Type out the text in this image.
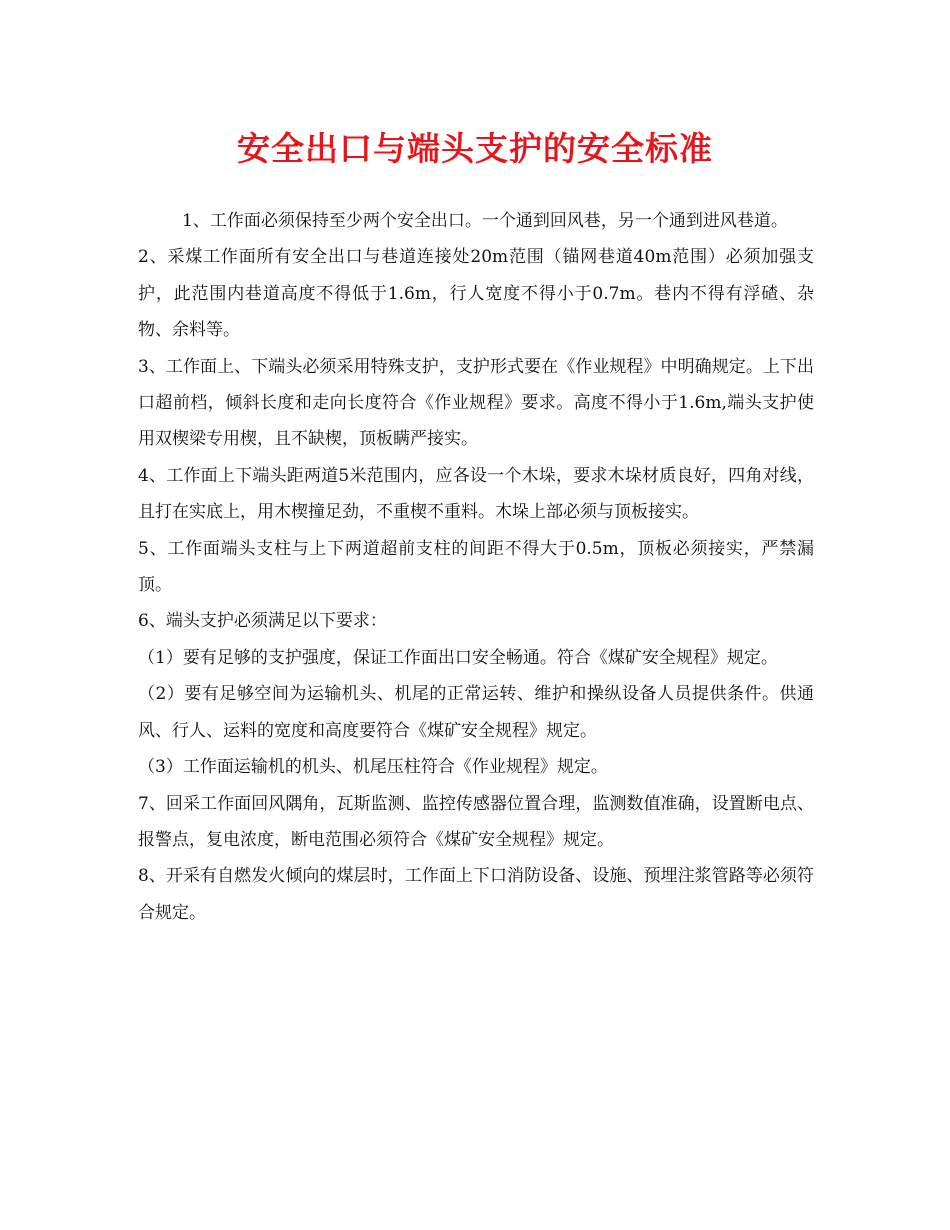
安全出口与端头支护的安全标准

1、工作面必须保持至少两个安全出口。一个通到回风巷，另一个通到进风巷道。

2、采煤工作面所有安全出口与巷道连接处20m范围（锚网巷道40m范围）必须加强支护，此范围内巷道高度不得低于1.6m，行人宽度不得小于0.7m。巷内不得有浮碴、杂物、余料等。

3、工作面上、下端头必须采用特殊支护，支护形式要在《作业规程》中明确规定。上下出口超前档，倾斜长度和走向长度符合《作业规程》要求。高度不得小于1.6m,端头支护使用双楔梁专用楔，且不缺楔，顶板瞒严接实。

4、工作面上下端头距两道5米范围内，应各设一个木垛，要求木垛材质良好，四角对线，且打在实底上，用木楔撞足劲，不重楔不重料。木垛上部必须与顶板接实。

5、工作面端头支柱与上下两道超前支柱的间距不得大于0.5m，顶板必须接实，严禁漏顶。

6、端头支护必须满足以下要求：

（1）要有足够的支护强度，保证工作面出口安全畅通。符合《煤矿安全规程》规定。

（2）要有足够空间为运输机头、机尾的正常运转、维护和操纵设备人员提供条件。供通风、行人、运料的宽度和高度要符合《煤矿安全规程》规定。

（3）工作面运输机的机头、机尾压柱符合《作业规程》规定。

7、回采工作面回风隅角，瓦斯监测、监控传感器位置合理，监测数值准确，设置断电点、报警点，复电浓度，断电范围必须符合《煤矿安全规程》规定。

8、开采有自燃发火倾向的煤层时，工作面上下口消防设备、设施、预埋注浆管路等必须符合规定。
